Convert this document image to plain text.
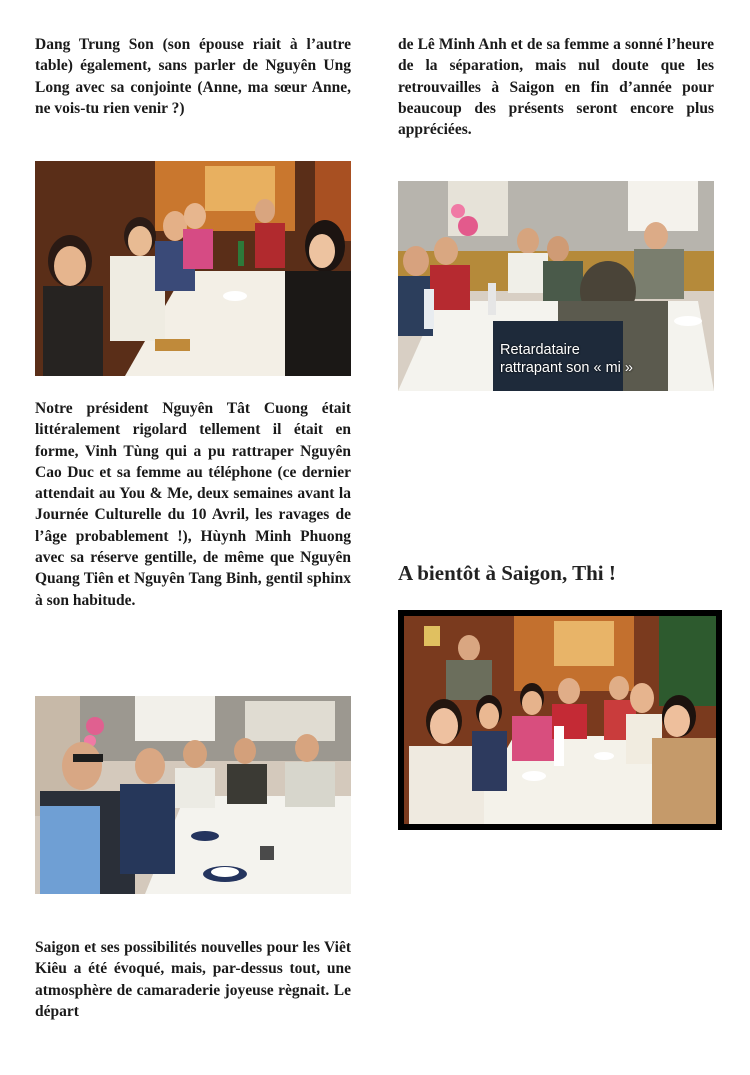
Dang Trung Son (son épouse riait à l’autre table) également, sans parler de Nguyên Ung Long avec sa conjointe (Anne, ma sœur Anne, ne vois-tu rien venir ?)

de Lê Minh Anh et de sa femme a sonné l’heure de la séparation, mais nul doute que les retrouvailles à Saigon en fin d’année pour beaucoup des présents seront encore plus appréciées.

Retardataire
rattrapant son « mi »

Notre président Nguyên Tât Cuong était littéralement rigolard tellement il était en forme, Vinh Tùng qui a pu rattraper Nguyên Cao Duc et sa femme au téléphone (ce dernier attendait au You & Me, deux semaines avant la Journée Culturelle du 10 Avril, les ravages de l’âge probablement !), Hùynh Minh Phuong avec sa réserve gentille, de même que Nguyên Quang Tiên et Nguyên Tang Binh, gentil sphinx à son habitude.

A bientôt à Saigon, Thi !

Saigon et ses possibilités nouvelles pour les Viêt Kiêu a été évoqué, mais, par-dessus tout, une atmosphère de camaraderie joyeuse règnait. Le départ
